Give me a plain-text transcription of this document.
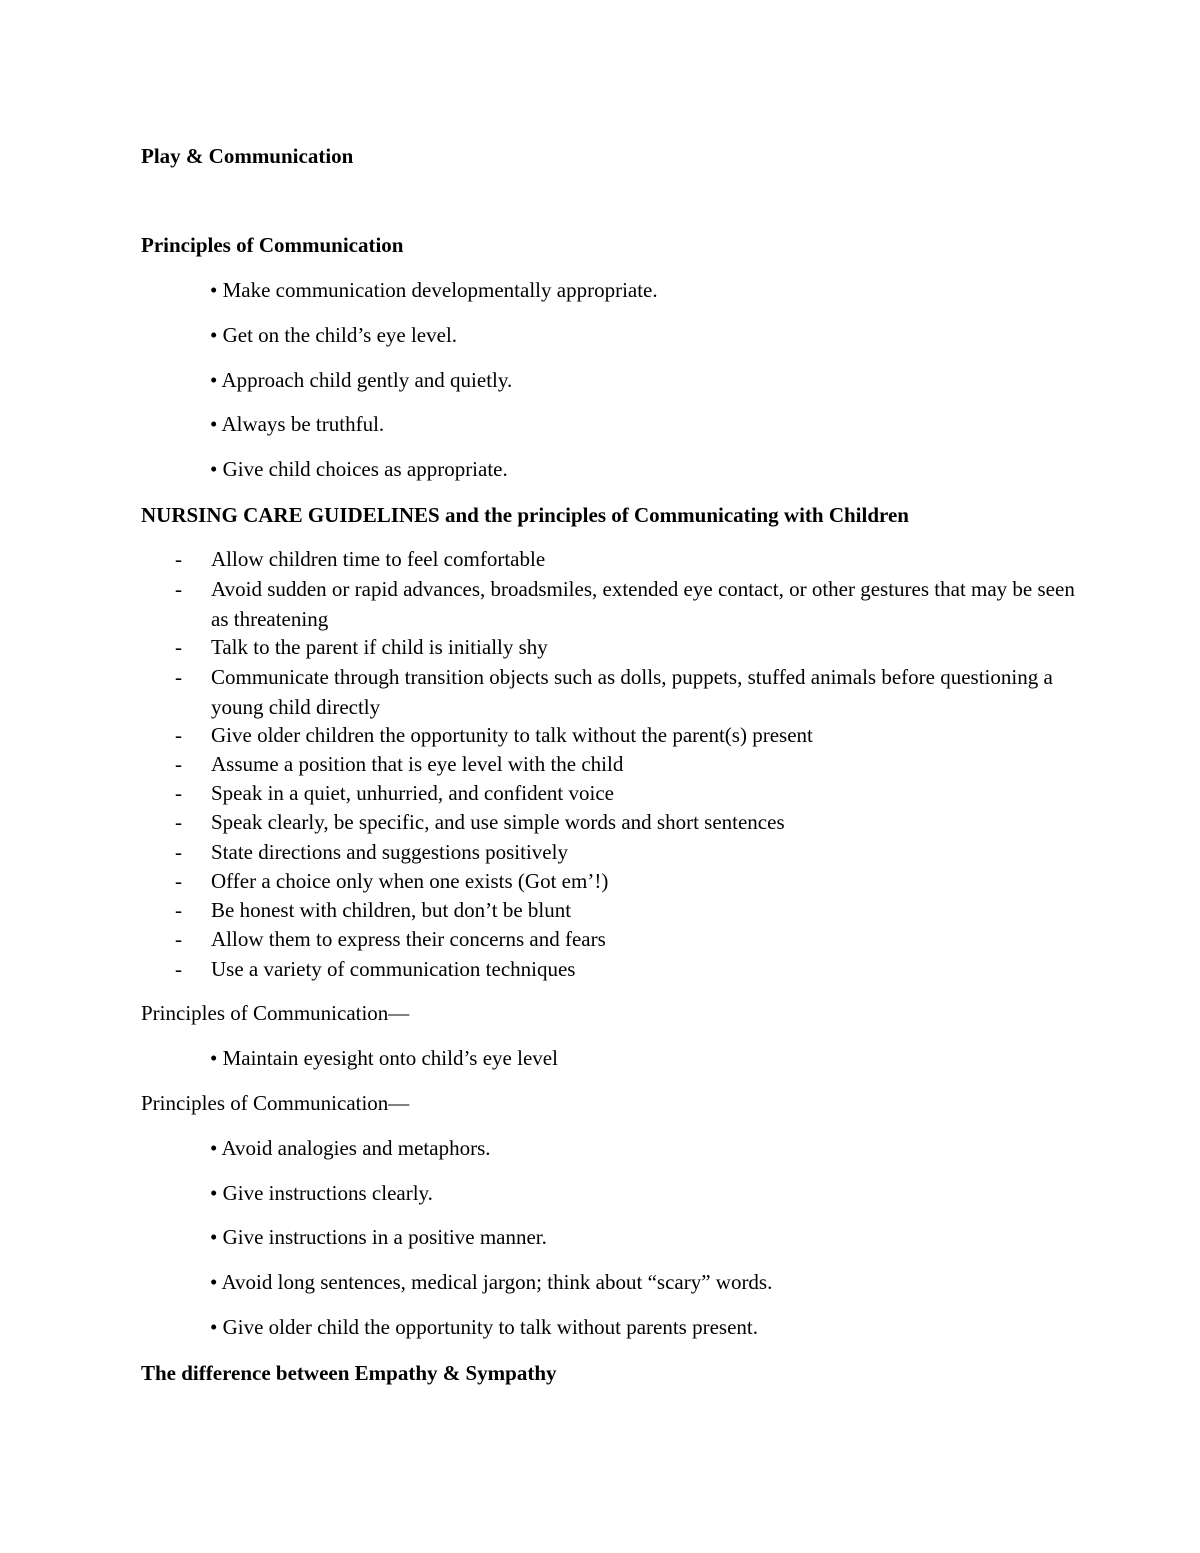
Play & Communication
Principles of Communication

• Make communication developmentally appropriate.

• Get on the child’s eye level.

• Approach child gently and quietly.

• Always be truthful.

• Give child choices as appropriate.

NURSING CARE GUIDELINES and the principles of Communicating with Children
- Allow children time to feel comfortable
- Avoid sudden or rapid advances, broadsmiles, extended eye contact, or other gestures that may be seen as threatening
- Talk to the parent if child is initially shy
- Communicate through transition objects such as dolls, puppets, stuffed animals before questioning a young child directly
- Give older children the opportunity to talk without the parent(s) present
- Assume a position that is eye level with the child
- Speak in a quiet, unhurried, and confident voice
- Speak clearly, be specific, and use simple words and short sentences
- State directions and suggestions positively
- Offer a choice only when one exists (Got em’!)
- Be honest with children, but don’t be blunt
- Allow them to express their concerns and fears
- Use a variety of communication techniques
Principles of Communication—

• Maintain eyesight onto child’s eye level

Principles of Communication—

• Avoid analogies and metaphors.

• Give instructions clearly.

• Give instructions in a positive manner.

• Avoid long sentences, medical jargon; think about “scary” words.

• Give older child the opportunity to talk without parents present.

The difference between Empathy & Sympathy
